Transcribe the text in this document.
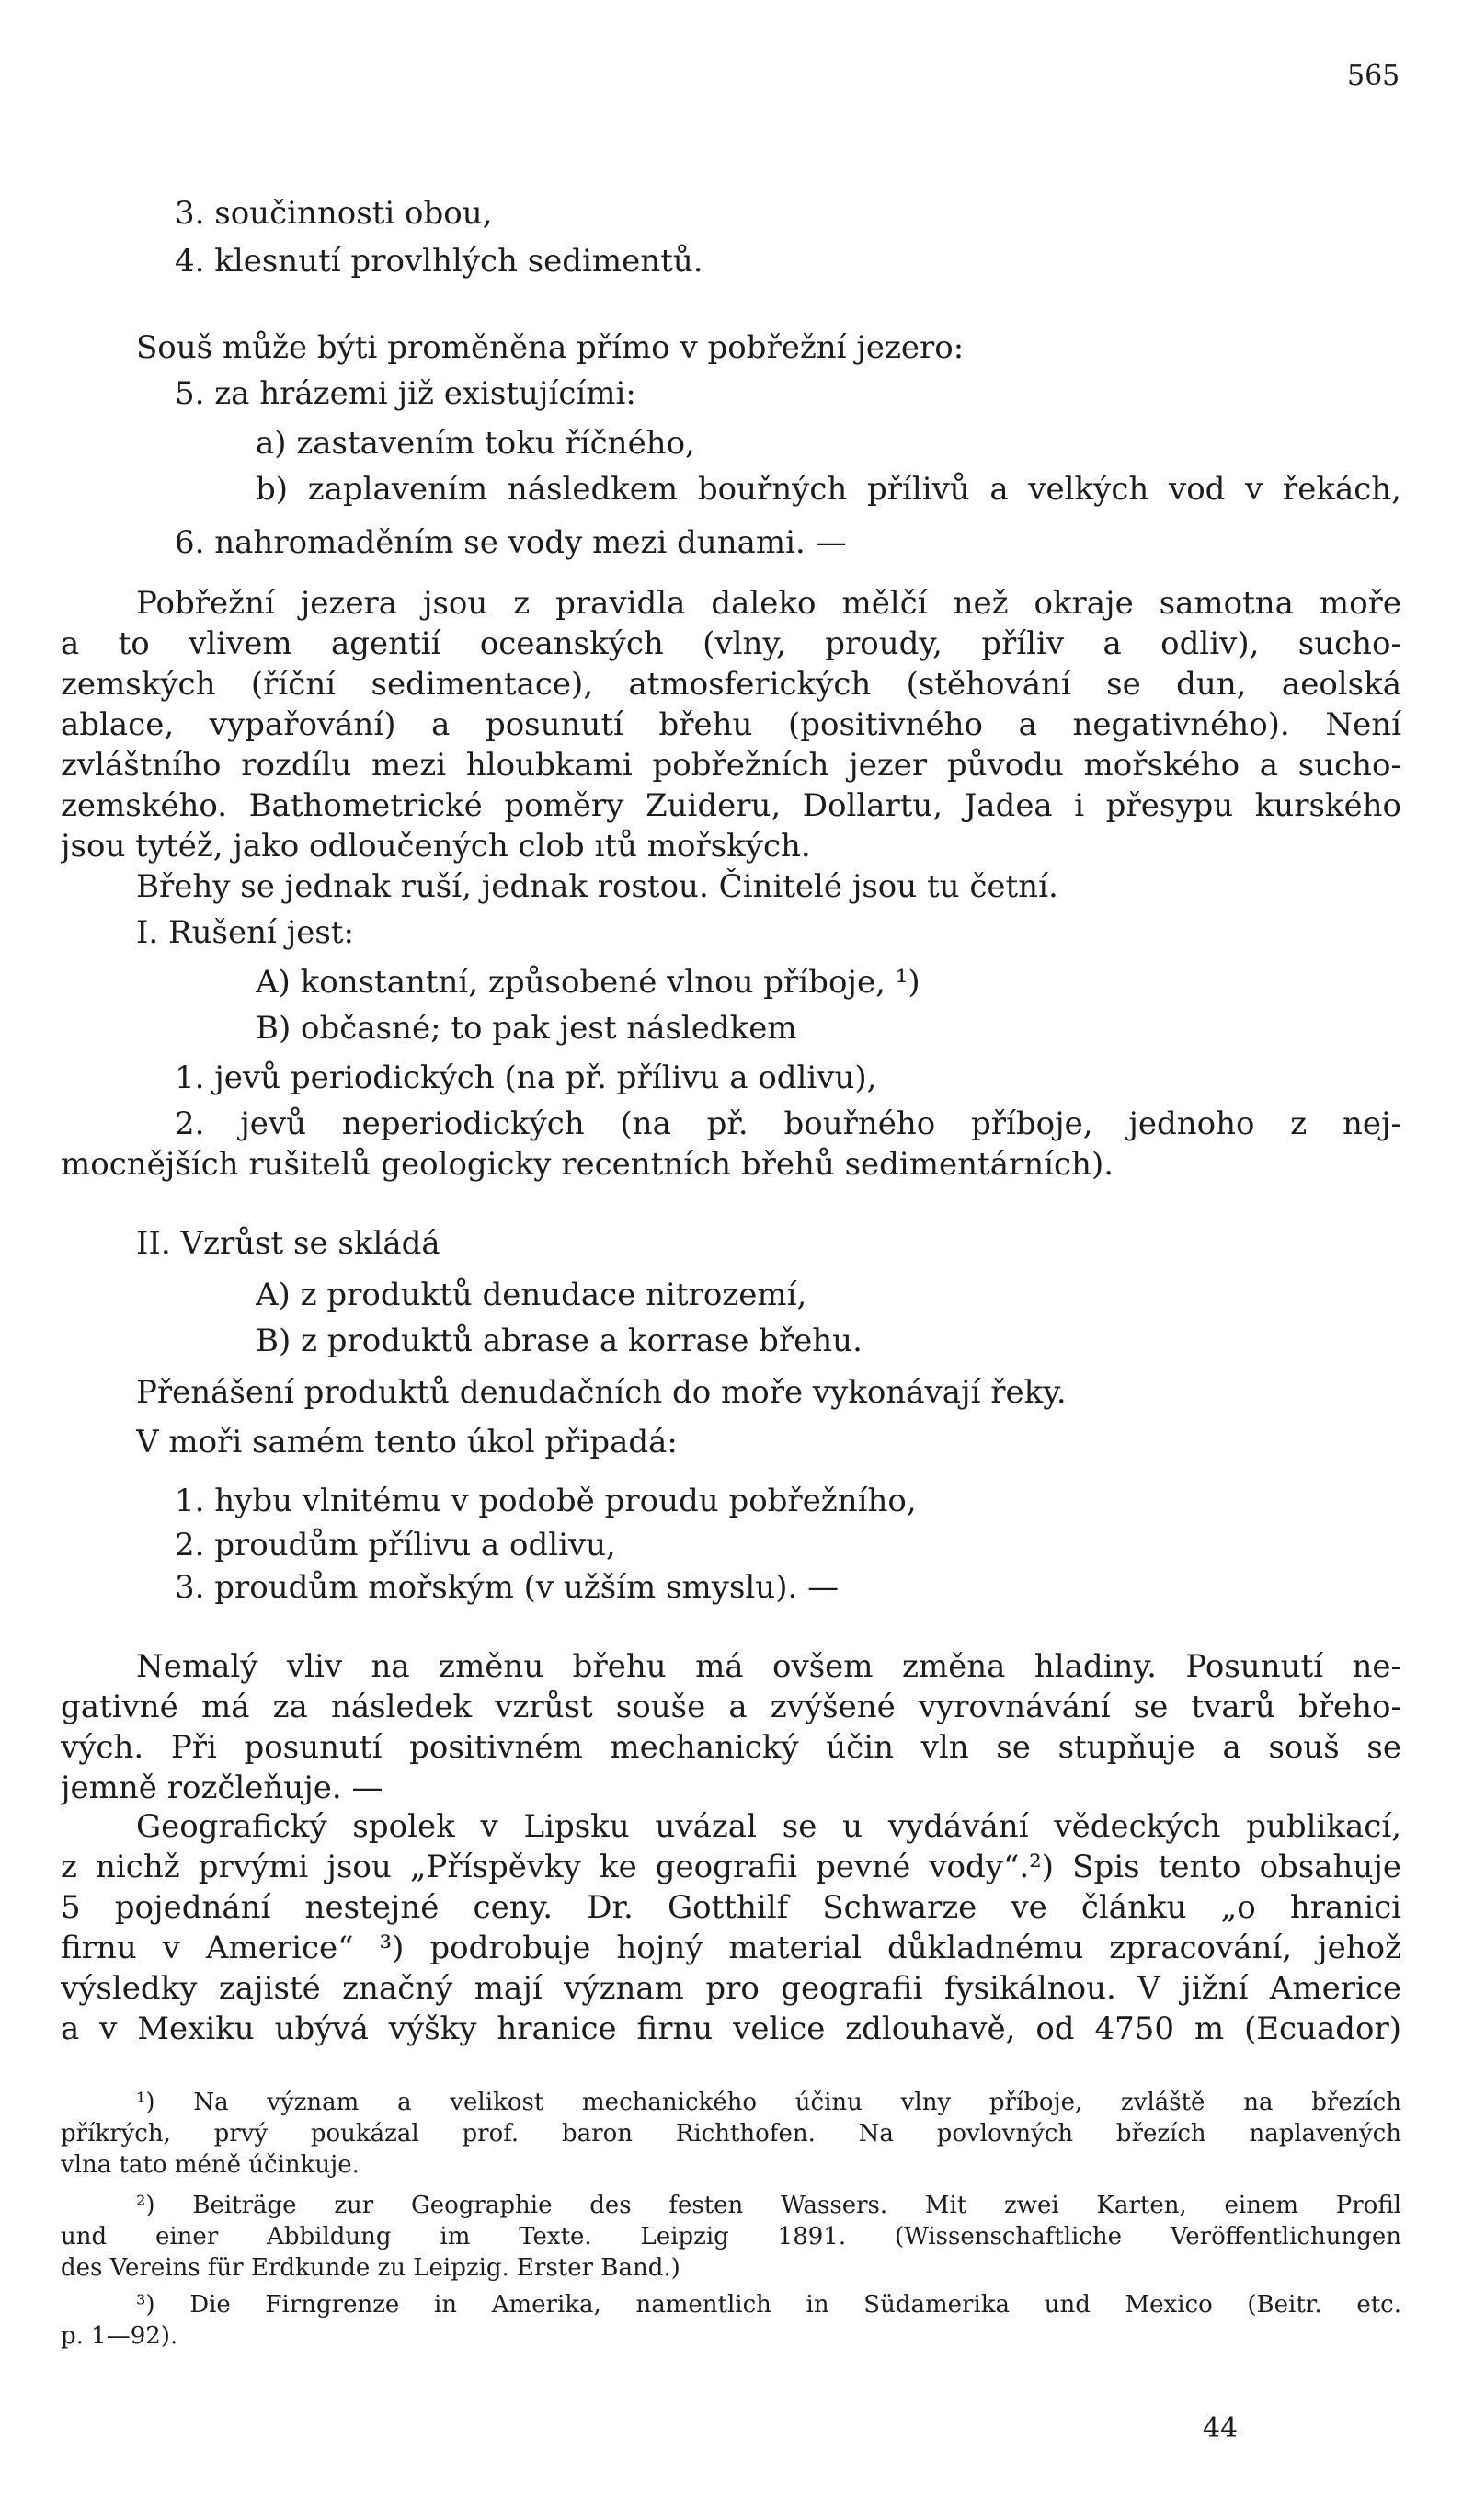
565
3. součinnosti obou,
4. klesnutí provlhlých sedimentů.
Souš může býti proměněna přímo v pobřežní jezero:
5. za hrázemi již existujícími:
a) zastavením toku říčného,
b) zaplavením následkem bouřných přílivů a velkých vod v řekách,
6. nahromaděním se vody mezi dunami. —
Pobřežní jezera jsou z pravidla daleko mělčí než okraje samotna moře
a to vlivem agentií oceanských (vlny, proudy, příliv a odliv), sucho-
zemských (říční sedimentace), atmosferických (stěhování se dun, aeolská
ablace, vypařování) a posunutí břehu (positivného a negativného). Není
zvláštního rozdílu mezi hloubkami pobřežních jezer původu mořského a sucho-
zemského. Bathometrické poměry Zuideru, Dollartu, Jadea i přesypu kurského
jsou tytéž, jako odloučených clob ıtů mořských.
Břehy se jednak ruší, jednak rostou. Činitelé jsou tu četní.
I. Rušení jest:
A) konstantní, způsobené vlnou příboje, ¹)
B) občasné; to pak jest následkem
1. jevů periodických (na př. přílivu a odlivu),
2. jevů neperiodických (na př. bouřného příboje, jednoho z nej-
mocnějších rušitelů geologicky recentních břehů sedimentárních).
II. Vzrůst se skládá
A) z produktů denudace nitrozemí,
B) z produktů abrase a korrase břehu.
Přenášení produktů denudačních do moře vykonávají řeky.
V moři samém tento úkol připadá:
1. hybu vlnitému v podobě proudu pobřežního,
2. proudům přílivu a odlivu,
3. proudům mořským (v užším smyslu). —
Nemalý vliv na změnu břehu má ovšem změna hladiny. Posunutí ne-
gativné má za následek vzrůst souše a zvýšené vyrovnávání se tvarů břeho-
vých. Při posunutí positivném mechanický účin vln se stupňuje a souš se
jemně rozčleňuje. —
Geografický spolek v Lipsku uvázal se u vydávání vědeckých publikací,
z nichž prvými jsou „Příspěvky ke geografii pevné vody“.²) Spis tento obsahuje
5 pojednání nestejné ceny. Dr. Gotthilf Schwarze ve článku „o hranici
firnu v Americe“ ³) podrobuje hojný material důkladnému zpracování, jehož
výsledky zajisté značný mají význam pro geografii fysikálnou. V jižní Americe
a v Mexiku ubývá výšky hranice firnu velice zdlouhavě, od 4750 m (Ecuador)
¹) Na význam a velikost mechanického účinu vlny příboje, zvláště na březích
příkrých, prvý poukázal prof. baron Richthofen. Na povlovných březích naplavených
vlna tato méně účinkuje.
²) Beiträge zur Geographie des festen Wassers. Mit zwei Karten, einem Profil
und einer Abbildung im Texte. Leipzig 1891. (Wissenschaftliche Veröffentlichungen
des Vereins für Erdkunde zu Leipzig. Erster Band.)
³) Die Firngrenze in Amerika, namentlich in Südamerika und Mexico (Beitr. etc.
p. 1—92).
44
